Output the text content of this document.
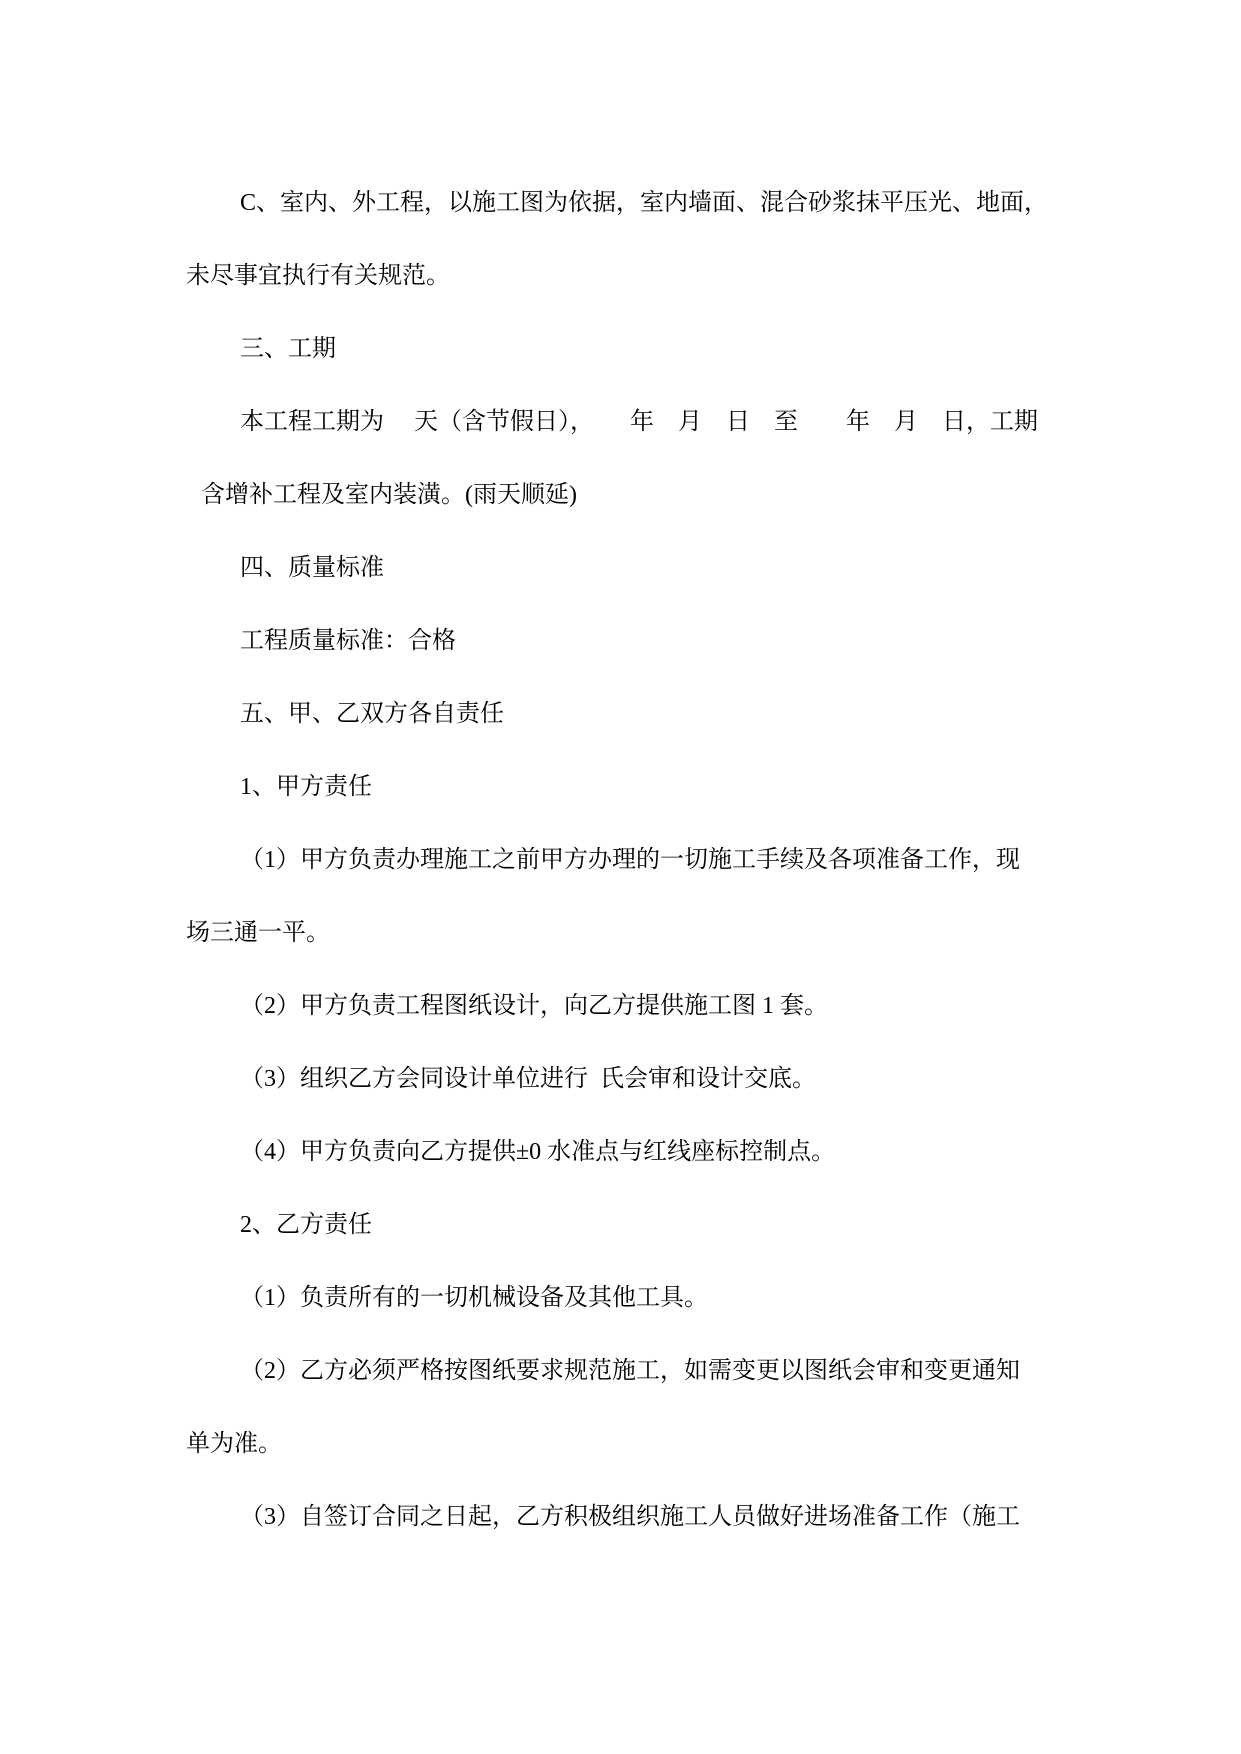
C、室内、外工程，以施工图为依据，室内墙面、混合砂浆抹平压光、地面，

未尽事宜执行有关规范。

三、工期

本工程工期为　 天（含节假日），　　年　月　日　至　　年　月　日，工期

含增补工程及室内装潢。(雨天顺延)

四、质量标准

工程质量标准：合格

五、甲、乙双方各自责任

1、甲方责任

（1）甲方负责办理施工之前甲方办理的一切施工手续及各项准备工作，现

场三通一平。

（2）甲方负责工程图纸设计，向乙方提供施工图 1 套。

（3）组织乙方会同设计单位进行  氏会审和设计交底。

（4）甲方负责向乙方提供±0 水准点与红线座标控制点。

2、乙方责任

（1）负责所有的一切机械设备及其他工具。

（2）乙方必须严格按图纸要求规范施工，如需变更以图纸会审和变更通知

单为准。

（3）自签订合同之日起，乙方积极组织施工人员做好进场准备工作（施工
